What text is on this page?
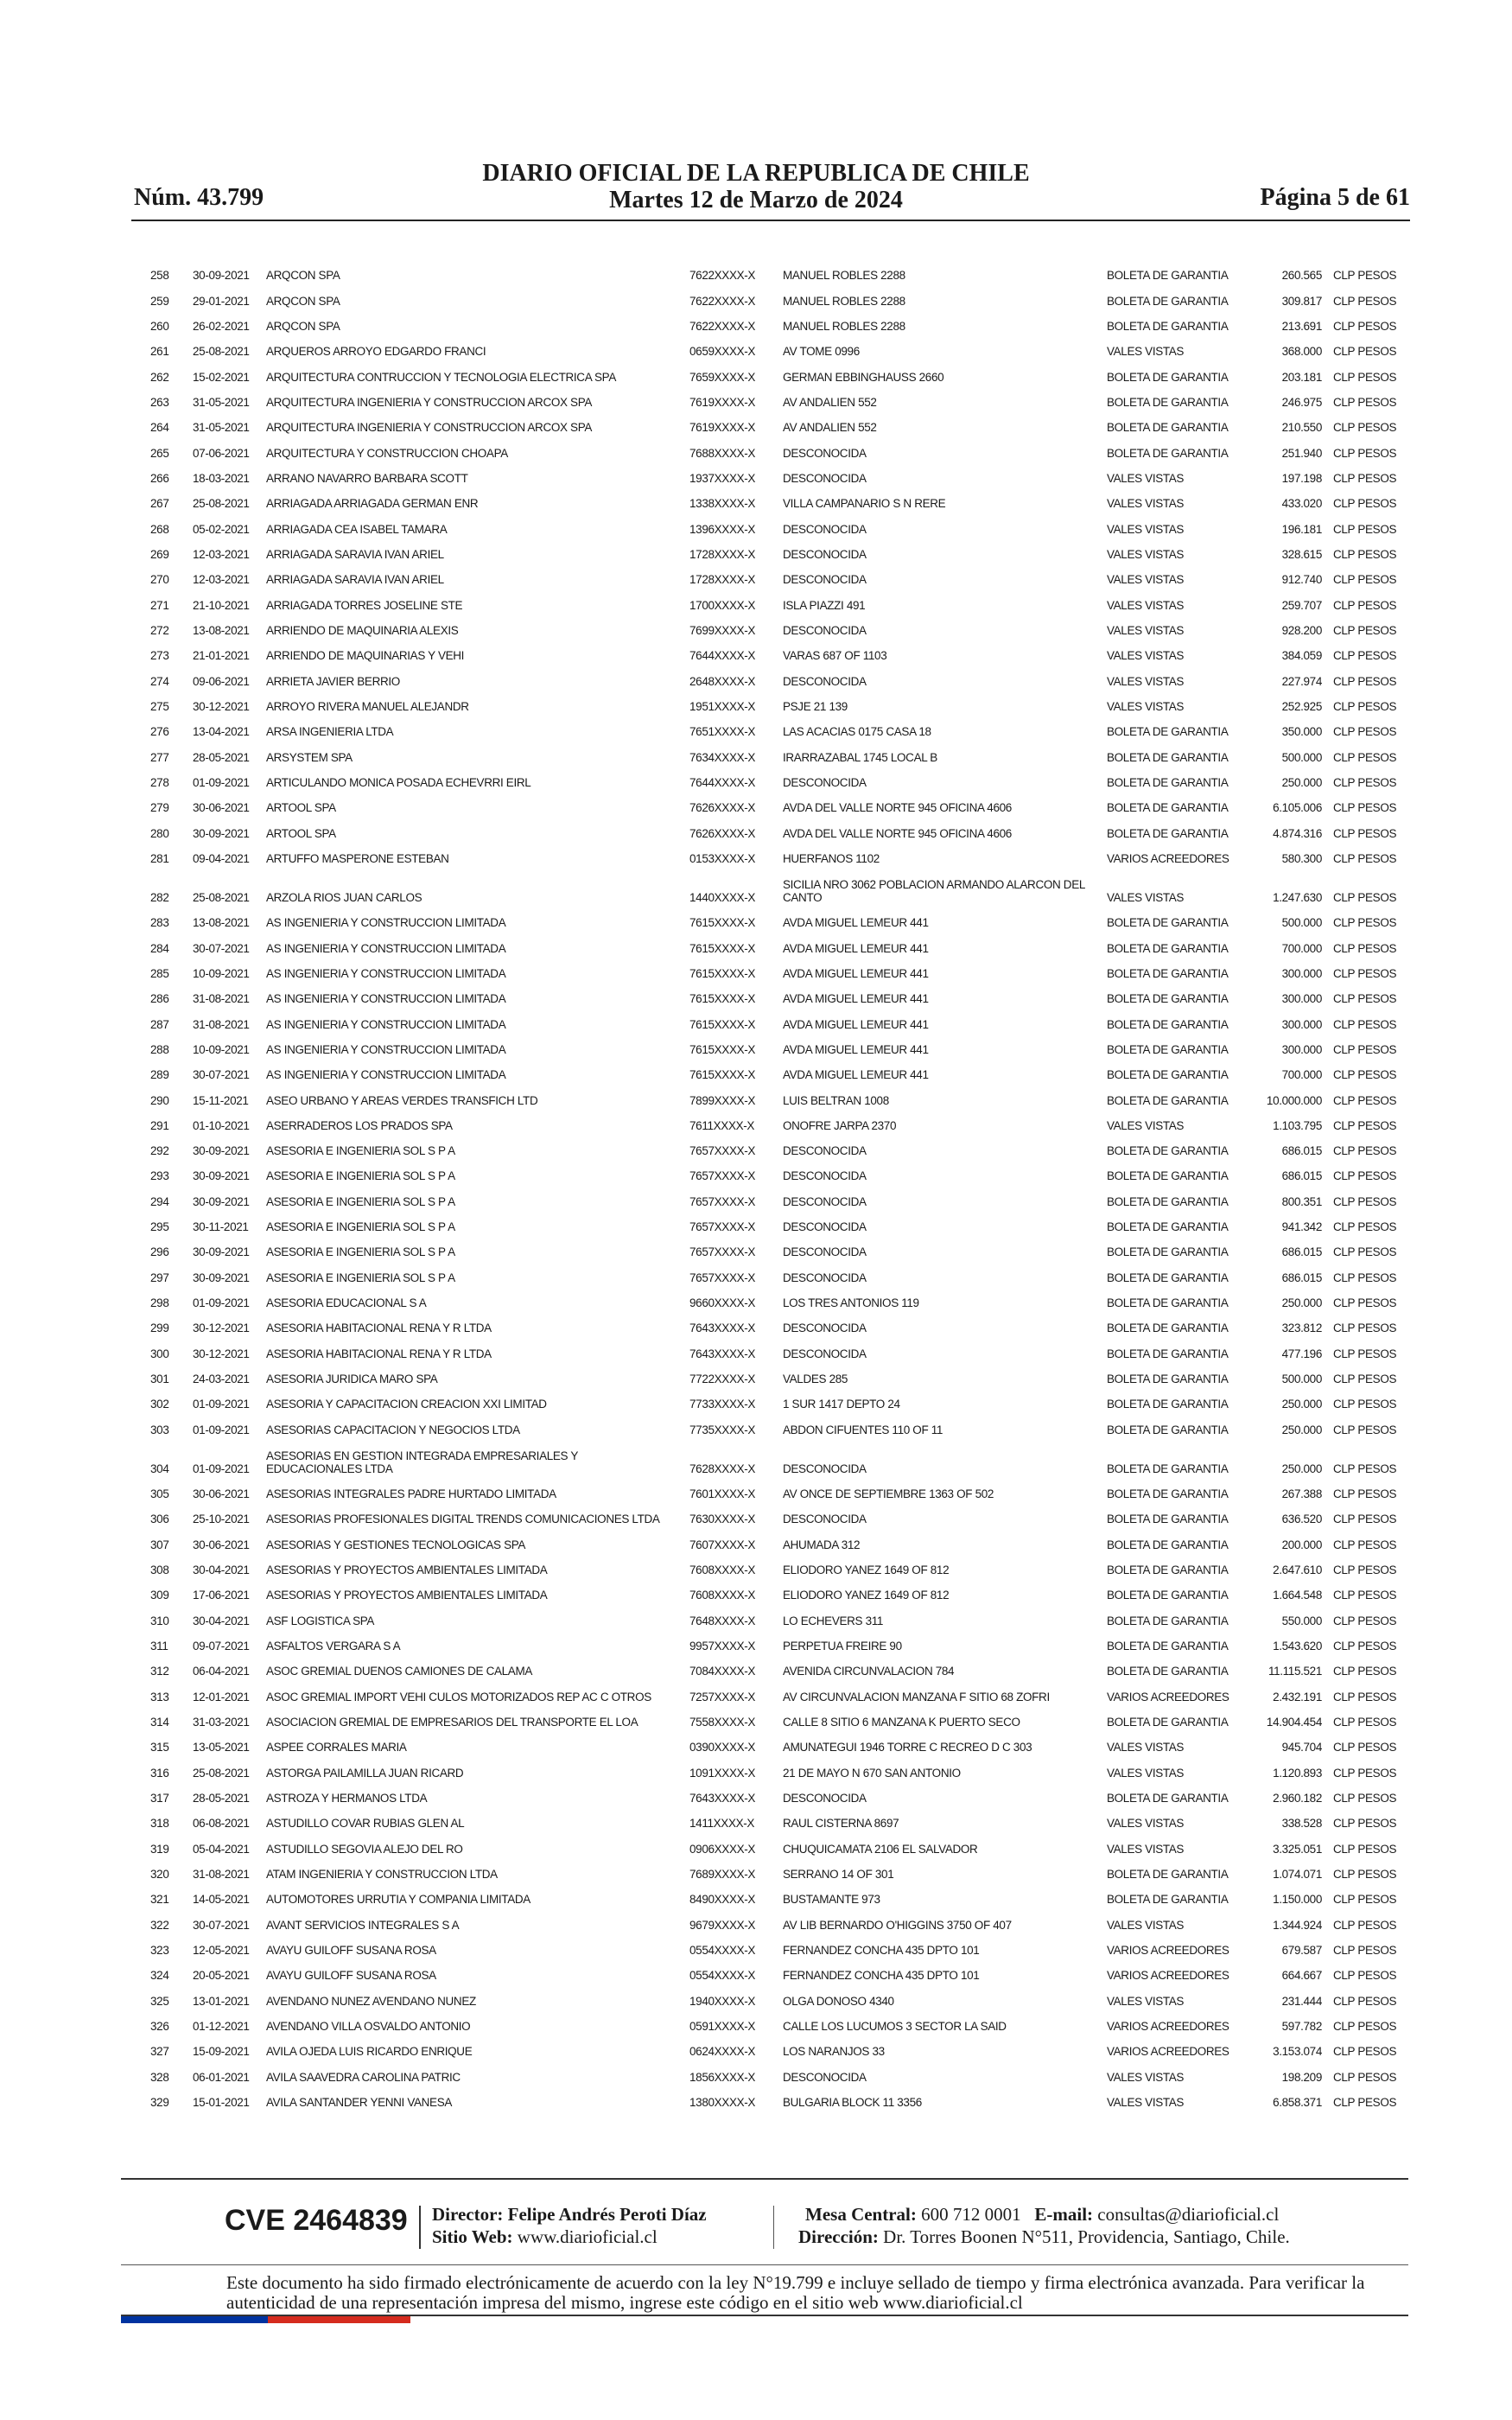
Núm. 43.799
DIARIO OFICIAL DE LA REPUBLICA DE CHILE
Martes 12 de Marzo de 2024	Página 5 de 61
258 30-09-2021 ARQCON SPA	7622XXXX-X MANUEL ROBLES 2288	BOLETA DE GARANTIA	260.565 CLP PESOS
259 29-01-2021 ARQCON SPA	7622XXXX-X MANUEL ROBLES 2288	BOLETA DE GARANTIA	309.817 CLP PESOS
260 26-02-2021 ARQCON SPA	7622XXXX-X MANUEL ROBLES 2288	BOLETA DE GARANTIA	213.691 CLP PESOS
261 25-08-2021 ARQUEROS ARROYO EDGARDO FRANCI	0659XXXX-X AV TOME 0996	VALES VISTAS	368.000 CLP PESOS
262 15-02-2021 ARQUITECTURA CONTRUCCION Y TECNOLOGIA ELECTRICA SPA	7659XXXX-X GERMAN EBBINGHAUSS 2660	BOLETA DE GARANTIA	203.181 CLP PESOS
263 31-05-2021 ARQUITECTURA INGENIERIA Y CONSTRUCCION ARCOX SPA	7619XXXX-X AV ANDALIEN 552	BOLETA DE GARANTIA	246.975 CLP PESOS
264 31-05-2021 ARQUITECTURA INGENIERIA Y CONSTRUCCION ARCOX SPA	7619XXXX-X AV ANDALIEN 552	BOLETA DE GARANTIA	210.550 CLP PESOS
265 07-06-2021 ARQUITECTURA Y CONSTRUCCION CHOAPA	7688XXXX-X DESCONOCIDA	BOLETA DE GARANTIA	251.940 CLP PESOS
266 18-03-2021 ARRANO NAVARRO BARBARA SCOTT	1937XXXX-X DESCONOCIDA	VALES VISTAS	197.198 CLP PESOS
267 25-08-2021 ARRIAGADA ARRIAGADA GERMAN ENR	1338XXXX-X VILLA CAMPANARIO S N RERE	VALES VISTAS	433.020 CLP PESOS
268 05-02-2021 ARRIAGADA CEA ISABEL TAMARA	1396XXXX-X DESCONOCIDA	VALES VISTAS	196.181 CLP PESOS
269 12-03-2021 ARRIAGADA SARAVIA IVAN ARIEL	1728XXXX-X DESCONOCIDA	VALES VISTAS	328.615 CLP PESOS
270 12-03-2021 ARRIAGADA SARAVIA IVAN ARIEL	1728XXXX-X DESCONOCIDA	VALES VISTAS	912.740 CLP PESOS
271 21-10-2021 ARRIAGADA TORRES JOSELINE STE	1700XXXX-X ISLA PIAZZI 491	VALES VISTAS	259.707 CLP PESOS
272 13-08-2021 ARRIENDO DE MAQUINARIA ALEXIS	7699XXXX-X DESCONOCIDA	VALES VISTAS	928.200 CLP PESOS
273 21-01-2021 ARRIENDO DE MAQUINARIAS Y VEHI	7644XXXX-X VARAS 687 OF 1103	VALES VISTAS	384.059 CLP PESOS
274 09-06-2021 ARRIETA JAVIER BERRIO	2648XXXX-X DESCONOCIDA	VALES VISTAS	227.974 CLP PESOS
275 30-12-2021 ARROYO RIVERA MANUEL ALEJANDR	1951XXXX-X PSJE 21 139	VALES VISTAS	252.925 CLP PESOS
276 13-04-2021 ARSA INGENIERIA LTDA	7651XXXX-X LAS ACACIAS 0175 CASA 18	BOLETA DE GARANTIA	350.000 CLP PESOS
277 28-05-2021 ARSYSTEM SPA	7634XXXX-X IRARRAZABAL 1745 LOCAL B	BOLETA DE GARANTIA	500.000 CLP PESOS
278 01-09-2021 ARTICULANDO MONICA POSADA ECHEVRRI EIRL	7644XXXX-X DESCONOCIDA	BOLETA DE GARANTIA	250.000 CLP PESOS
279 30-06-2021 ARTOOL SPA	7626XXXX-X AVDA DEL VALLE NORTE 945 OFICINA 4606	BOLETA DE GARANTIA	6.105.006 CLP PESOS
280 30-09-2021 ARTOOL SPA	7626XXXX-X AVDA DEL VALLE NORTE 945 OFICINA 4606	BOLETA DE GARANTIA	4.874.316 CLP PESOS
281 09-04-2021 ARTUFFO MASPERONE ESTEBAN	0153XXXX-X HUERFANOS 1102	VARIOS ACREEDORES	580.300 CLP PESOS
282 25-08-2021 ARZOLA RIOS JUAN CARLOS	1440XXXX-X
SICILIA NRO 3062 POBLACION ARMANDO ALARCON DEL CANTO	VALES VISTAS	1.247.630 CLP PESOS
283 13-08-2021 AS INGENIERIA Y CONSTRUCCION LIMITADA	7615XXXX-X AVDA MIGUEL LEMEUR 441	BOLETA DE GARANTIA	500.000 CLP PESOS
284 30-07-2021 AS INGENIERIA Y CONSTRUCCION LIMITADA	7615XXXX-X AVDA MIGUEL LEMEUR 441	BOLETA DE GARANTIA	700.000 CLP PESOS
285 10-09-2021 AS INGENIERIA Y CONSTRUCCION LIMITADA	7615XXXX-X AVDA MIGUEL LEMEUR 441	BOLETA DE GARANTIA	300.000 CLP PESOS
286 31-08-2021 AS INGENIERIA Y CONSTRUCCION LIMITADA	7615XXXX-X AVDA MIGUEL LEMEUR 441	BOLETA DE GARANTIA	300.000 CLP PESOS
287 31-08-2021 AS INGENIERIA Y CONSTRUCCION LIMITADA	7615XXXX-X AVDA MIGUEL LEMEUR 441	BOLETA DE GARANTIA	300.000 CLP PESOS
288 10-09-2021 AS INGENIERIA Y CONSTRUCCION LIMITADA	7615XXXX-X AVDA MIGUEL LEMEUR 441	BOLETA DE GARANTIA	300.000 CLP PESOS
289 30-07-2021 AS INGENIERIA Y CONSTRUCCION LIMITADA	7615XXXX-X AVDA MIGUEL LEMEUR 441	BOLETA DE GARANTIA	700.000 CLP PESOS
290 15-11-2021 ASEO URBANO Y AREAS VERDES TRANSFICH LTD	7899XXXX-X LUIS BELTRAN 1008	BOLETA DE GARANTIA	10.000.000 CLP PESOS
291 01-10-2021 ASERRADEROS LOS PRADOS SPA	7611XXXX-X ONOFRE JARPA 2370	VALES VISTAS	1.103.795 CLP PESOS
292 30-09-2021 ASESORIA E INGENIERIA SOL S P A	7657XXXX-X DESCONOCIDA	BOLETA DE GARANTIA	686.015 CLP PESOS
293 30-09-2021 ASESORIA E INGENIERIA SOL S P A	7657XXXX-X DESCONOCIDA	BOLETA DE GARANTIA	686.015 CLP PESOS
294 30-09-2021 ASESORIA E INGENIERIA SOL S P A	7657XXXX-X DESCONOCIDA	BOLETA DE GARANTIA	800.351 CLP PESOS
295 30-11-2021 ASESORIA E INGENIERIA SOL S P A	7657XXXX-X DESCONOCIDA	BOLETA DE GARANTIA	941.342 CLP PESOS
296 30-09-2021 ASESORIA E INGENIERIA SOL S P A	7657XXXX-X DESCONOCIDA	BOLETA DE GARANTIA	686.015 CLP PESOS
297 30-09-2021 ASESORIA E INGENIERIA SOL S P A	7657XXXX-X DESCONOCIDA	BOLETA DE GARANTIA	686.015 CLP PESOS
298 01-09-2021 ASESORIA EDUCACIONAL S A	9660XXXX-X LOS TRES ANTONIOS 119	BOLETA DE GARANTIA	250.000 CLP PESOS
299 30-12-2021 ASESORIA HABITACIONAL RENA Y R LTDA	7643XXXX-X DESCONOCIDA	BOLETA DE GARANTIA	323.812 CLP PESOS
300 30-12-2021 ASESORIA HABITACIONAL RENA Y R LTDA	7643XXXX-X DESCONOCIDA	BOLETA DE GARANTIA	477.196 CLP PESOS
301 24-03-2021 ASESORIA JURIDICA MARO SPA	7722XXXX-X VALDES 285	BOLETA DE GARANTIA	500.000 CLP PESOS
302 01-09-2021 ASESORIA Y CAPACITACION CREACION XXI LIMITAD	7733XXXX-X 1 SUR 1417 DEPTO 24	BOLETA DE GARANTIA	250.000 CLP PESOS
303 01-09-2021 ASESORIAS CAPACITACION Y NEGOCIOS LTDA	7735XXXX-X ABDON CIFUENTES 110 OF 11	BOLETA DE GARANTIA	250.000 CLP PESOS
304 01-09-2021
ASESORIAS EN GESTION INTEGRADA EMPRESARIALES Y EDUCACIONALES LTDA	7628XXXX-X DESCONOCIDA	BOLETA DE GARANTIA	250.000 CLP PESOS
305 30-06-2021 ASESORIAS INTEGRALES PADRE HURTADO LIMITADA	7601XXXX-X AV ONCE DE SEPTIEMBRE 1363 OF 502	BOLETA DE GARANTIA	267.388 CLP PESOS
306 25-10-2021 ASESORIAS PROFESIONALES DIGITAL TRENDS COMUNICACIONES LTDA	7630XXXX-X DESCONOCIDA	BOLETA DE GARANTIA	636.520 CLP PESOS
307 30-06-2021 ASESORIAS Y GESTIONES TECNOLOGICAS SPA	7607XXXX-X AHUMADA 312	BOLETA DE GARANTIA	200.000 CLP PESOS
308 30-04-2021 ASESORIAS Y PROYECTOS AMBIENTALES LIMITADA	7608XXXX-X ELIODORO YANEZ 1649 OF 812	BOLETA DE GARANTIA	2.647.610 CLP PESOS
309 17-06-2021 ASESORIAS Y PROYECTOS AMBIENTALES LIMITADA	7608XXXX-X ELIODORO YANEZ 1649 OF 812	BOLETA DE GARANTIA	1.664.548 CLP PESOS
310 30-04-2021 ASF LOGISTICA SPA	7648XXXX-X LO ECHEVERS 311	BOLETA DE GARANTIA	550.000 CLP PESOS
311 09-07-2021 ASFALTOS VERGARA S A	9957XXXX-X PERPETUA FREIRE 90	BOLETA DE GARANTIA	1.543.620 CLP PESOS
312 06-04-2021 ASOC GREMIAL DUENOS CAMIONES DE CALAMA	7084XXXX-X AVENIDA CIRCUNVALACION 784	BOLETA DE GARANTIA	11.115.521 CLP PESOS
313 12-01-2021 ASOC GREMIAL IMPORT VEHI CULOS MOTORIZADOS REP AC C OTROS	7257XXXX-X AV CIRCUNVALACION MANZANA F SITIO 68 ZOFRI	VARIOS ACREEDORES	2.432.191 CLP PESOS
314 31-03-2021 ASOCIACION GREMIAL DE EMPRESARIOS DEL TRANSPORTE EL LOA	7558XXXX-X CALLE 8 SITIO 6 MANZANA K PUERTO SECO	BOLETA DE GARANTIA	14.904.454 CLP PESOS
315 13-05-2021 ASPEE CORRALES MARIA	0390XXXX-X AMUNATEGUI 1946 TORRE C RECREO D C 303	VALES VISTAS	945.704 CLP PESOS
316 25-08-2021 ASTORGA PAILAMILLA JUAN RICARD	1091XXXX-X 21 DE MAYO N 670 SAN ANTONIO	VALES VISTAS	1.120.893 CLP PESOS
317 28-05-2021 ASTROZA Y HERMANOS LTDA	7643XXXX-X DESCONOCIDA	BOLETA DE GARANTIA	2.960.182 CLP PESOS
318 06-08-2021 ASTUDILLO COVAR RUBIAS GLEN AL	1411XXXX-X RAUL CISTERNA 8697	VALES VISTAS	338.528 CLP PESOS
319 05-04-2021 ASTUDILLO SEGOVIA ALEJO DEL RO	0906XXXX-X CHUQUICAMATA 2106 EL SALVADOR	VALES VISTAS	3.325.051 CLP PESOS
320 31-08-2021 ATAM INGENIERIA Y CONSTRUCCION LTDA	7689XXXX-X SERRANO 14 OF 301	BOLETA DE GARANTIA	1.074.071 CLP PESOS
321 14-05-2021 AUTOMOTORES URRUTIA Y COMPANIA LIMITADA	8490XXXX-X BUSTAMANTE 973	BOLETA DE GARANTIA	1.150.000 CLP PESOS
322 30-07-2021 AVANT SERVICIOS INTEGRALES S A	9679XXXX-X AV LIB BERNARDO O'HIGGINS 3750 OF 407	VALES VISTAS	1.344.924 CLP PESOS
323 12-05-2021 AVAYU GUILOFF SUSANA ROSA	0554XXXX-X FERNANDEZ CONCHA 435 DPTO 101	VARIOS ACREEDORES	679.587 CLP PESOS
324 20-05-2021 AVAYU GUILOFF SUSANA ROSA	0554XXXX-X FERNANDEZ CONCHA 435 DPTO 101	VARIOS ACREEDORES	664.667 CLP PESOS
325 13-01-2021 AVENDANO NUNEZ AVENDANO NUNEZ	1940XXXX-X OLGA DONOSO 4340	VALES VISTAS	231.444 CLP PESOS
326 01-12-2021 AVENDANO VILLA OSVALDO ANTONIO	0591XXXX-X CALLE LOS LUCUMOS 3 SECTOR LA SAID	VARIOS ACREEDORES	597.782 CLP PESOS
327 15-09-2021 AVILA OJEDA LUIS RICARDO ENRIQUE	0624XXXX-X LOS NARANJOS 33	VARIOS ACREEDORES	3.153.074 CLP PESOS
328 06-01-2021 AVILA SAAVEDRA CAROLINA PATRIC	1856XXXX-X DESCONOCIDA	VALES VISTAS	198.209 CLP PESOS
329 15-01-2021 AVILA SANTANDER YENNI VANESA	1380XXXX-X BULGARIA BLOCK 11 3356	VALES VISTAS	6.858.371 CLP PESOS
CVE 2464839 Director: Felipe Andrés Peroti Díaz
Sitio Web: www.diarioficial.cl
Mesa Central: 600 712 0001 E-mail: consultas@diarioficial.cl
Dirección: Dr. Torres Boonen N°511, Providencia, Santiago, Chile.
Este documento ha sido firmado electrónicamente de acuerdo con la ley N°19.799 e incluye sellado de tiempo y firma electrónica avanzada. Para verificar la autenticidad de una representación impresa del mismo, ingrese este código en el sitio web www.diarioficial.cl
